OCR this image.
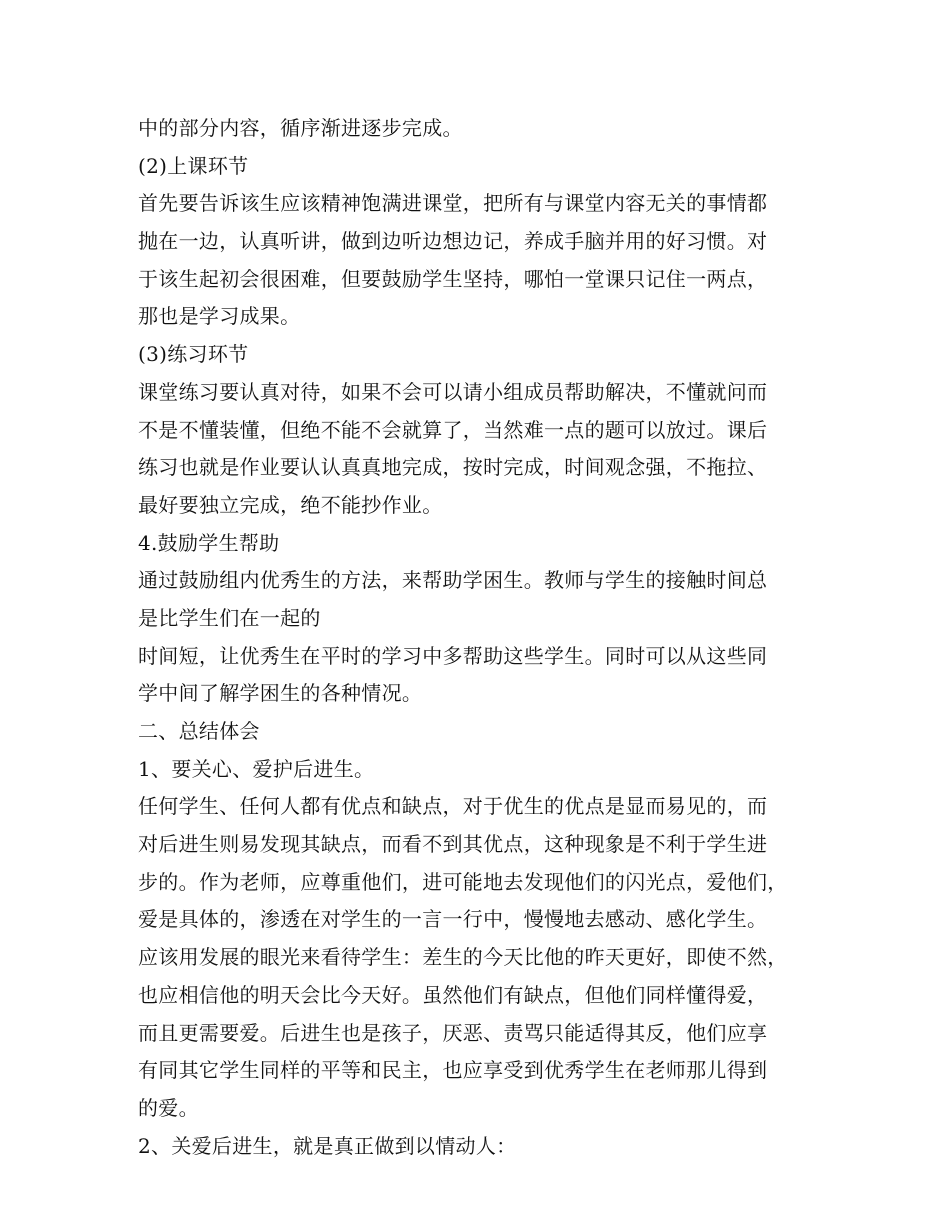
中的部分内容，循序渐进逐步完成。
(2)上课环节
首先要告诉该生应该精神饱满进课堂，把所有与课堂内容无关的事情都
抛在一边，认真听讲，做到边听边想边记，养成手脑并用的好习惯。对
于该生起初会很困难，但要鼓励学生坚持，哪怕一堂课只记住一两点，
那也是学习成果。
(3)练习环节
课堂练习要认真对待，如果不会可以请小组成员帮助解决，不懂就问而
不是不懂装懂，但绝不能不会就算了，当然难一点的题可以放过。课后
练习也就是作业要认认真真地完成，按时完成，时间观念强，不拖拉、
最好要独立完成，绝不能抄作业。
4.鼓励学生帮助
通过鼓励组内优秀生的方法，来帮助学困生。教师与学生的接触时间总
是比学生们在一起的
时间短，让优秀生在平时的学习中多帮助这些学生。同时可以从这些同
学中间了解学困生的各种情况。
二、总结体会
1、要关心、爱护后进生。
任何学生、任何人都有优点和缺点，对于优生的优点是显而易见的，而
对后进生则易发现其缺点，而看不到其优点，这种现象是不利于学生进
步的。作为老师，应尊重他们，进可能地去发现他们的闪光点，爱他们，
爱是具体的，渗透在对学生的一言一行中，慢慢地去感动、感化学生。
应该用发展的眼光来看待学生：差生的今天比他的昨天更好，即使不然，
也应相信他的明天会比今天好。虽然他们有缺点，但他们同样懂得爱，
而且更需要爱。后进生也是孩子，厌恶、责骂只能适得其反，他们应享
有同其它学生同样的平等和民主，也应享受到优秀学生在老师那儿得到
的爱。
2、关爱后进生，就是真正做到以情动人：
